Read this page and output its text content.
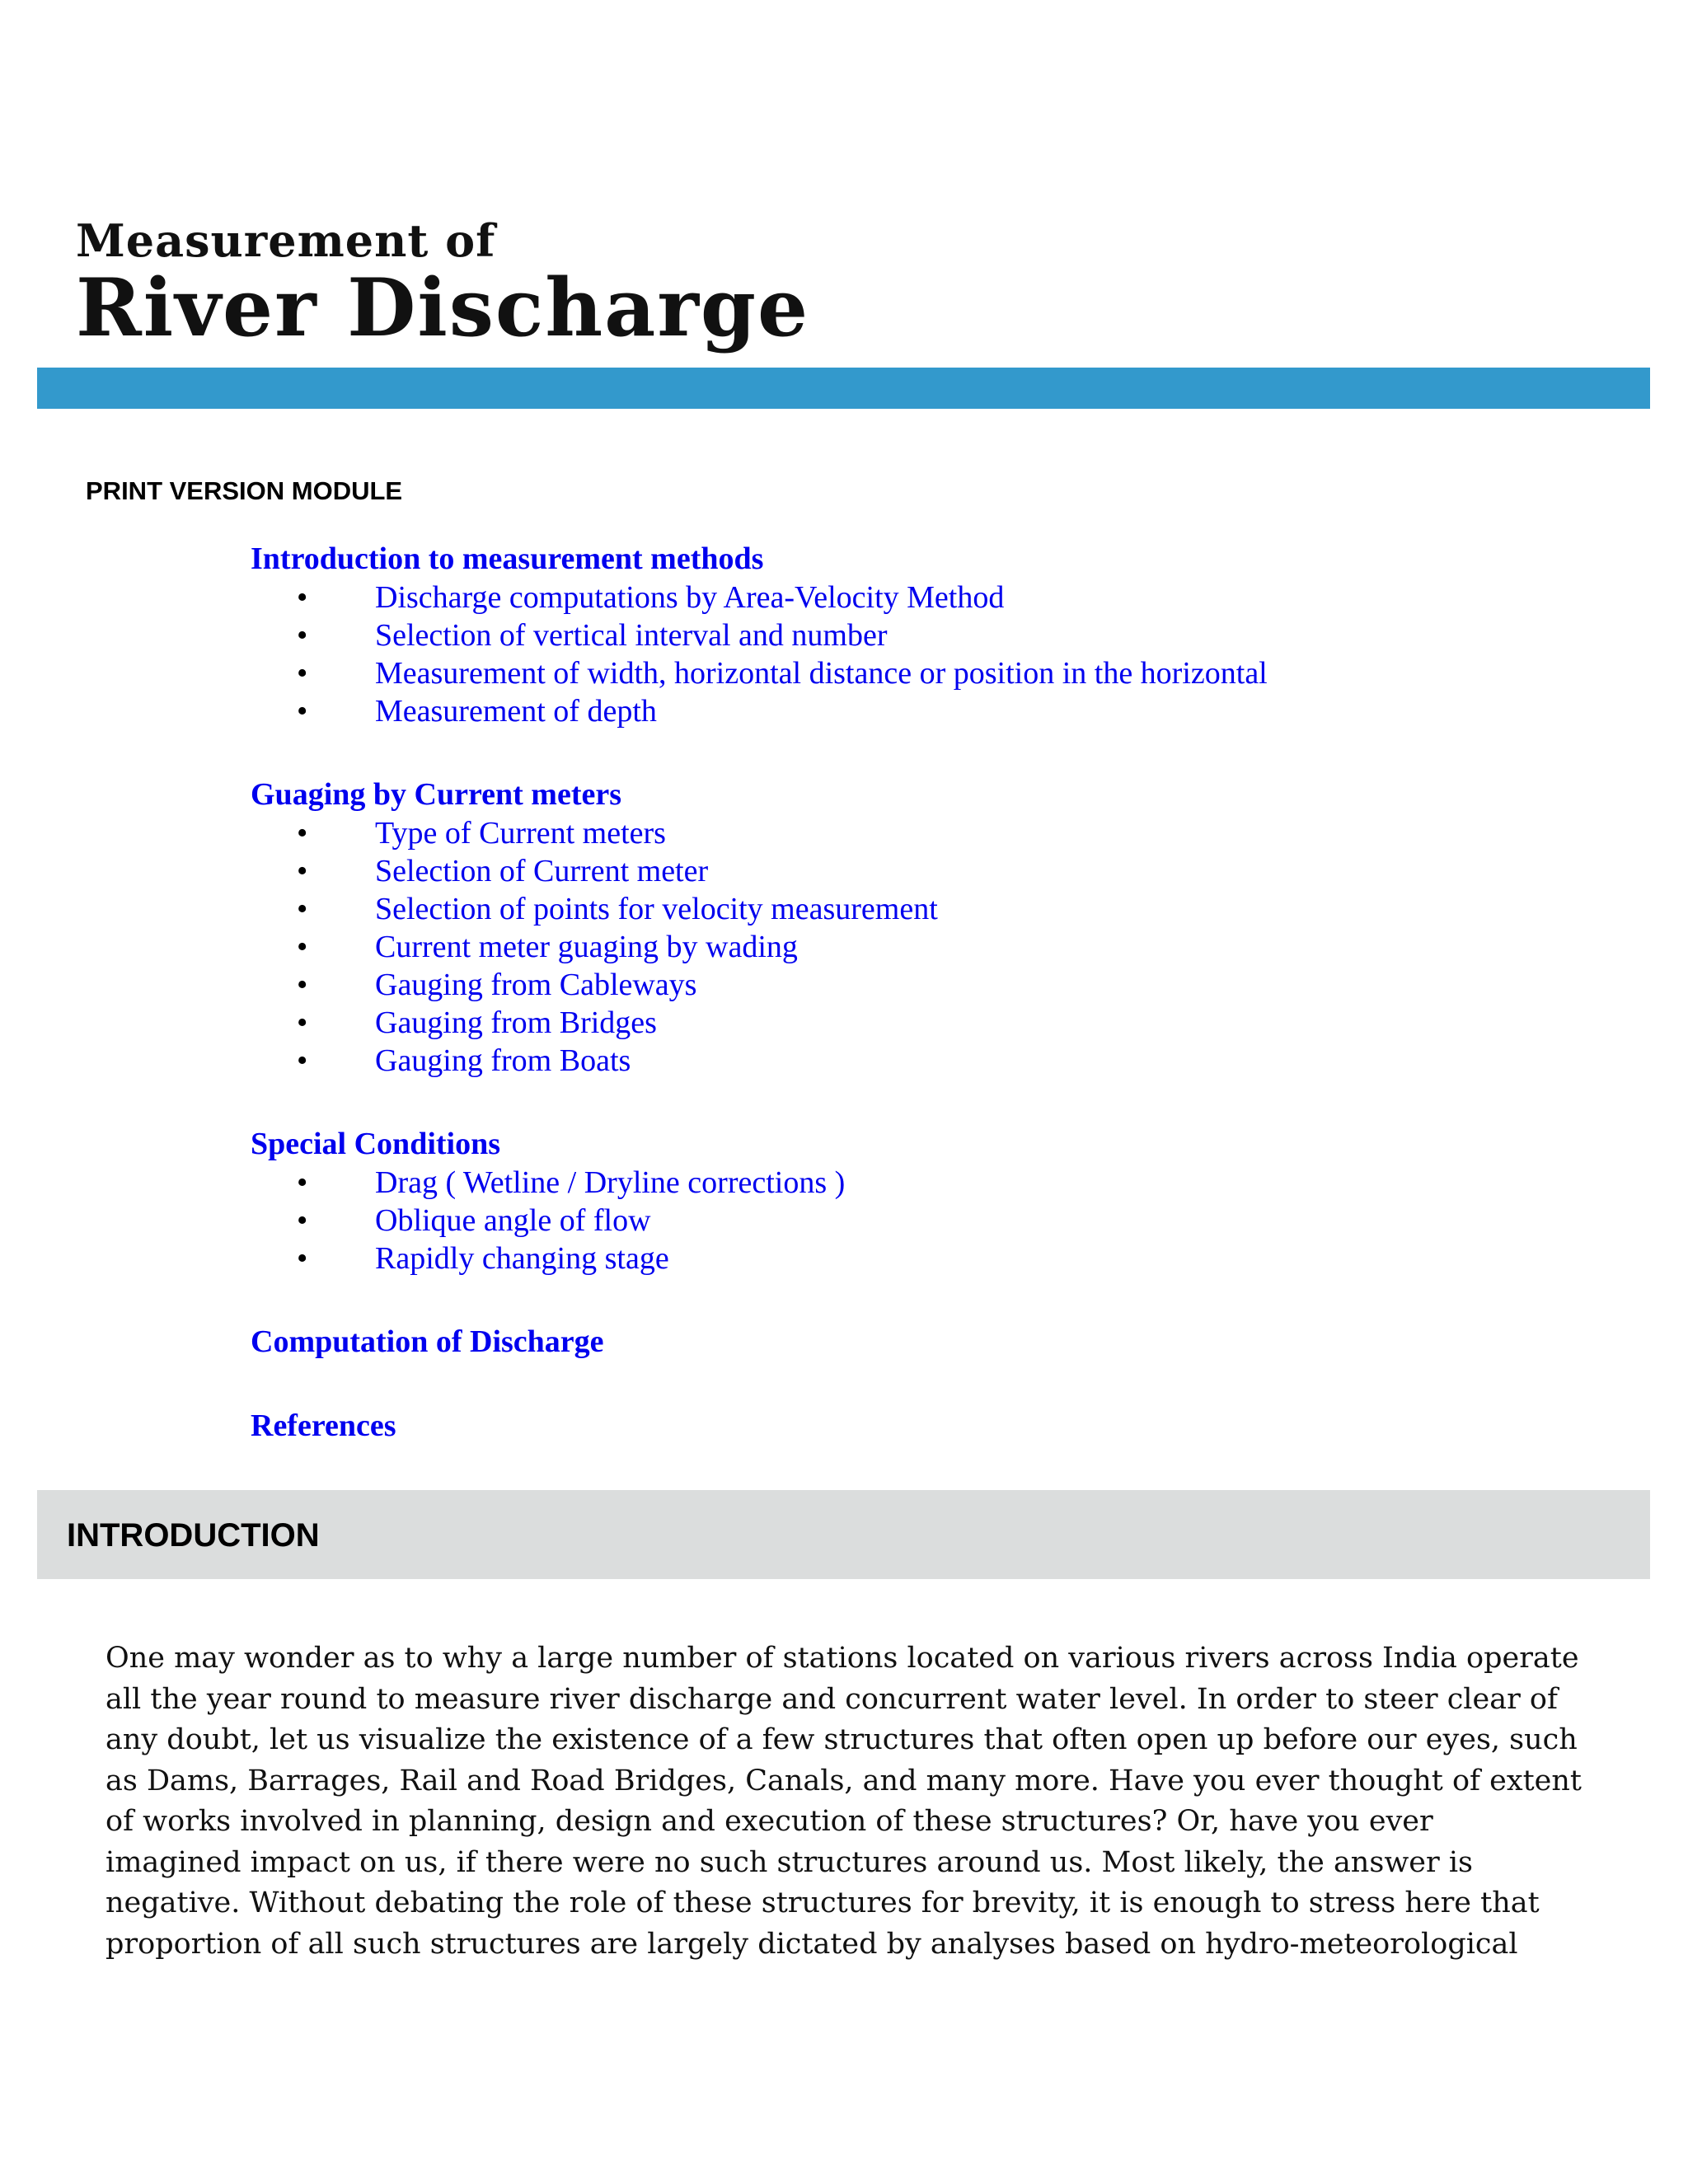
Measurement of
River Discharge
PRINT VERSION MODULE
Introduction to measurement methods
• Discharge computations by Area-Velocity Method
• Selection of vertical interval and number
• Measurement of width, horizontal distance or position in the horizontal
• Measurement of depth
Guaging by Current meters
• Type of Current meters
• Selection of Current meter
• Selection of points for velocity measurement
• Current meter guaging by wading
• Gauging from Cableways
• Gauging from Bridges
• Gauging from Boats
Special Conditions
• Drag ( Wetline / Dryline corrections )
• Oblique angle of flow
• Rapidly changing stage
Computation of Discharge
References
INTRODUCTION
One may wonder as to why a large number of stations located on various rivers across India operate
all the year round to measure river discharge and concurrent water level. In order to steer clear of
any doubt, let us visualize the existence of a few structures that often open up before our eyes, such
as Dams, Barrages, Rail and Road Bridges, Canals, and many more. Have you ever thought of extent
of works involved in planning, design and execution of these structures? Or, have you ever
imagined impact on us, if there were no such structures around us. Most likely, the answer is
negative. Without debating the role of these structures for brevity, it is enough to stress here that
proportion of all such structures are largely dictated by analyses based on hydro-meteorological
